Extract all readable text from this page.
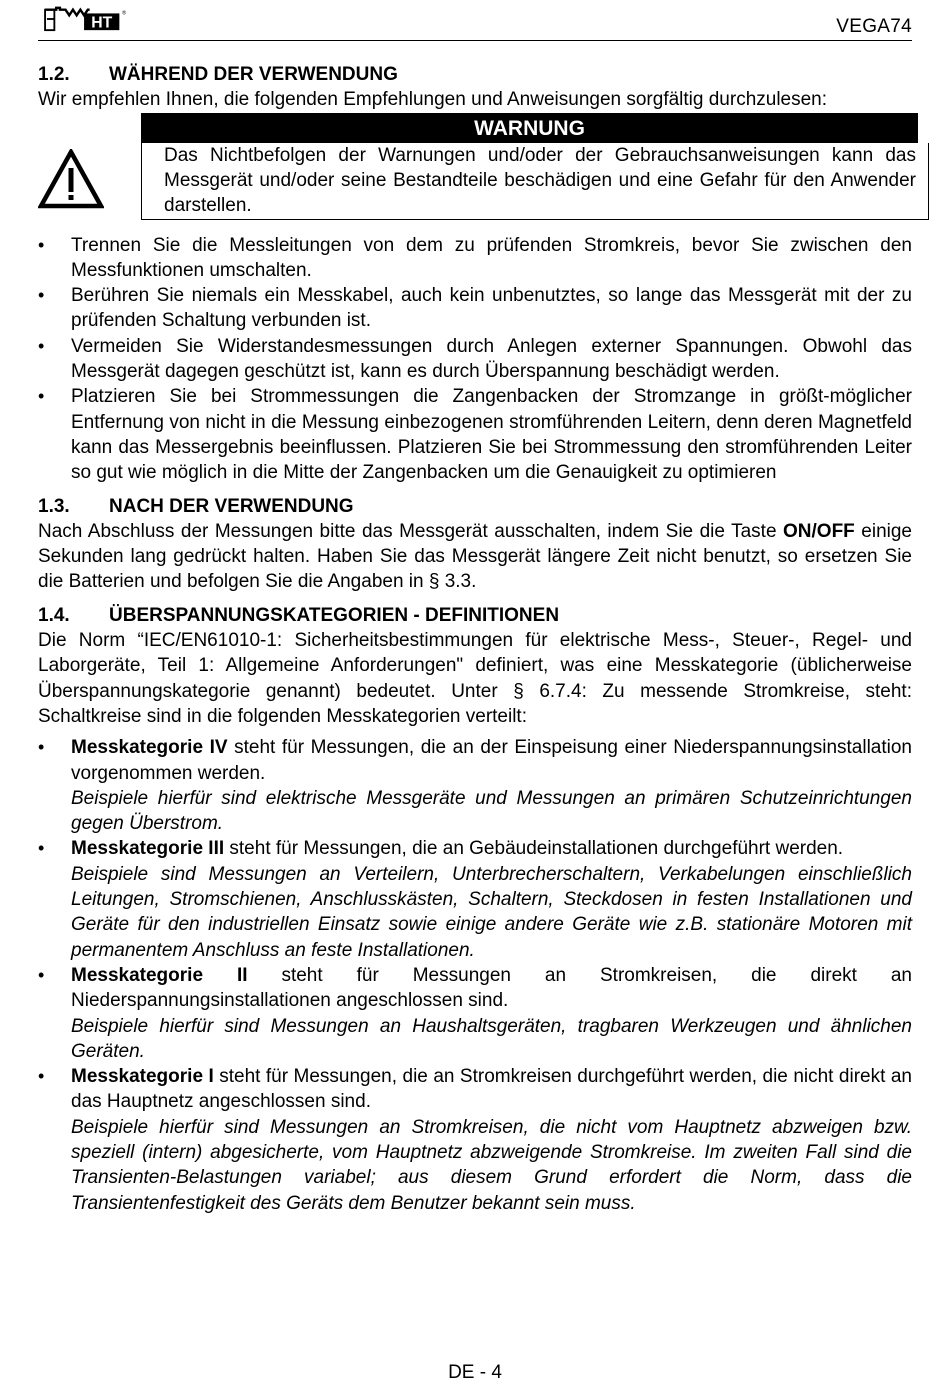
HT
®
VEGA74
1.2.	WÄHREND DER VERWENDUNG

Wir empfehlen Ihnen, die folgenden Empfehlungen und Anweisungen sorgfältig durchzulesen:

WARNUNG

Das Nichtbefolgen der Warnungen und/oder der Gebrauchsanweisungen kann das Messgerät und/oder seine Bestandteile beschädigen und eine Gefahr für den Anwender darstellen.

• Trennen Sie die Messleitungen von dem zu prüfenden Stromkreis, bevor Sie zwischen den Messfunktionen umschalten.
• Berühren Sie niemals ein Messkabel, auch kein unbenutztes, so lange das Messgerät mit der zu prüfenden Schaltung verbunden ist.
• Vermeiden Sie Widerstandesmessungen durch Anlegen externer Spannungen. Obwohl das Messgerät dagegen geschützt ist, kann es durch Überspannung beschädigt werden.
• Platzieren Sie bei Strommessungen die Zangenbacken der Stromzange in größt-möglicher Entfernung von nicht in die Messung einbezogenen stromführenden Leitern, denn deren Magnetfeld kann das Messergebnis beeinflussen. Platzieren Sie bei Strommessung den stromführenden Leiter so gut wie möglich in die Mitte der Zangenbacken um die Genauigkeit zu optimieren
1.3.	NACH DER VERWENDUNG

Nach Abschluss der Messungen bitte das Messgerät ausschalten, indem Sie die Taste ON/OFF einige Sekunden lang gedrückt halten. Haben Sie das Messgerät längere Zeit nicht benutzt, so ersetzen Sie die Batterien und befolgen Sie die Angaben in § 3.3.

1.4.	ÜBERSPANNUNGSKATEGORIEN - DEFINITIONEN

Die Norm “IEC/EN61010-1: Sicherheitsbestimmungen für elektrische Mess-, Steuer-, Regel- und Laborgeräte, Teil 1: Allgemeine Anforderungen" definiert, was eine Messkategorie (üblicherweise Überspannungskategorie genannt) bedeutet. Unter § 6.7.4: Zu messende Stromkreise, steht: Schaltkreise sind in die folgenden Messkategorien verteilt:

• Messkategorie IV steht für Messungen, die an der Einspeisung einer Niederspannungsinstallation vorgenommen werden.
Beispiele hierfür sind elektrische Messgeräte und Messungen an primären Schutzeinrichtungen gegen Überstrom.
• Messkategorie III steht für Messungen, die an Gebäudeinstallationen durchgeführt werden.
Beispiele sind Messungen an Verteilern, Unterbrecherschaltern, Verkabelungen einschließlich Leitungen, Stromschienen, Anschlusskästen, Schaltern, Steckdosen in festen Installationen und Geräte für den industriellen Einsatz sowie einige andere Geräte wie z.B. stationäre Motoren mit permanentem Anschluss an feste Installationen.
• Messkategorie II steht für Messungen an Stromkreisen, die direkt an Niederspannungsinstallationen angeschlossen sind.
Beispiele hierfür sind Messungen an Haushaltsgeräten, tragbaren Werkzeugen und ähnlichen Geräten.
• Messkategorie I steht für Messungen, die an Stromkreisen durchgeführt werden, die nicht direkt an das Hauptnetz angeschlossen sind.
Beispiele hierfür sind Messungen an Stromkreisen, die nicht vom Hauptnetz abzweigen bzw. speziell (intern) abgesicherte, vom Hauptnetz abzweigende Stromkreise. Im zweiten Fall sind die Transienten-Belastungen variabel; aus diesem Grund erfordert die Norm, dass die Transientenfestigkeit des Geräts dem Benutzer bekannt sein muss.
DE - 4
